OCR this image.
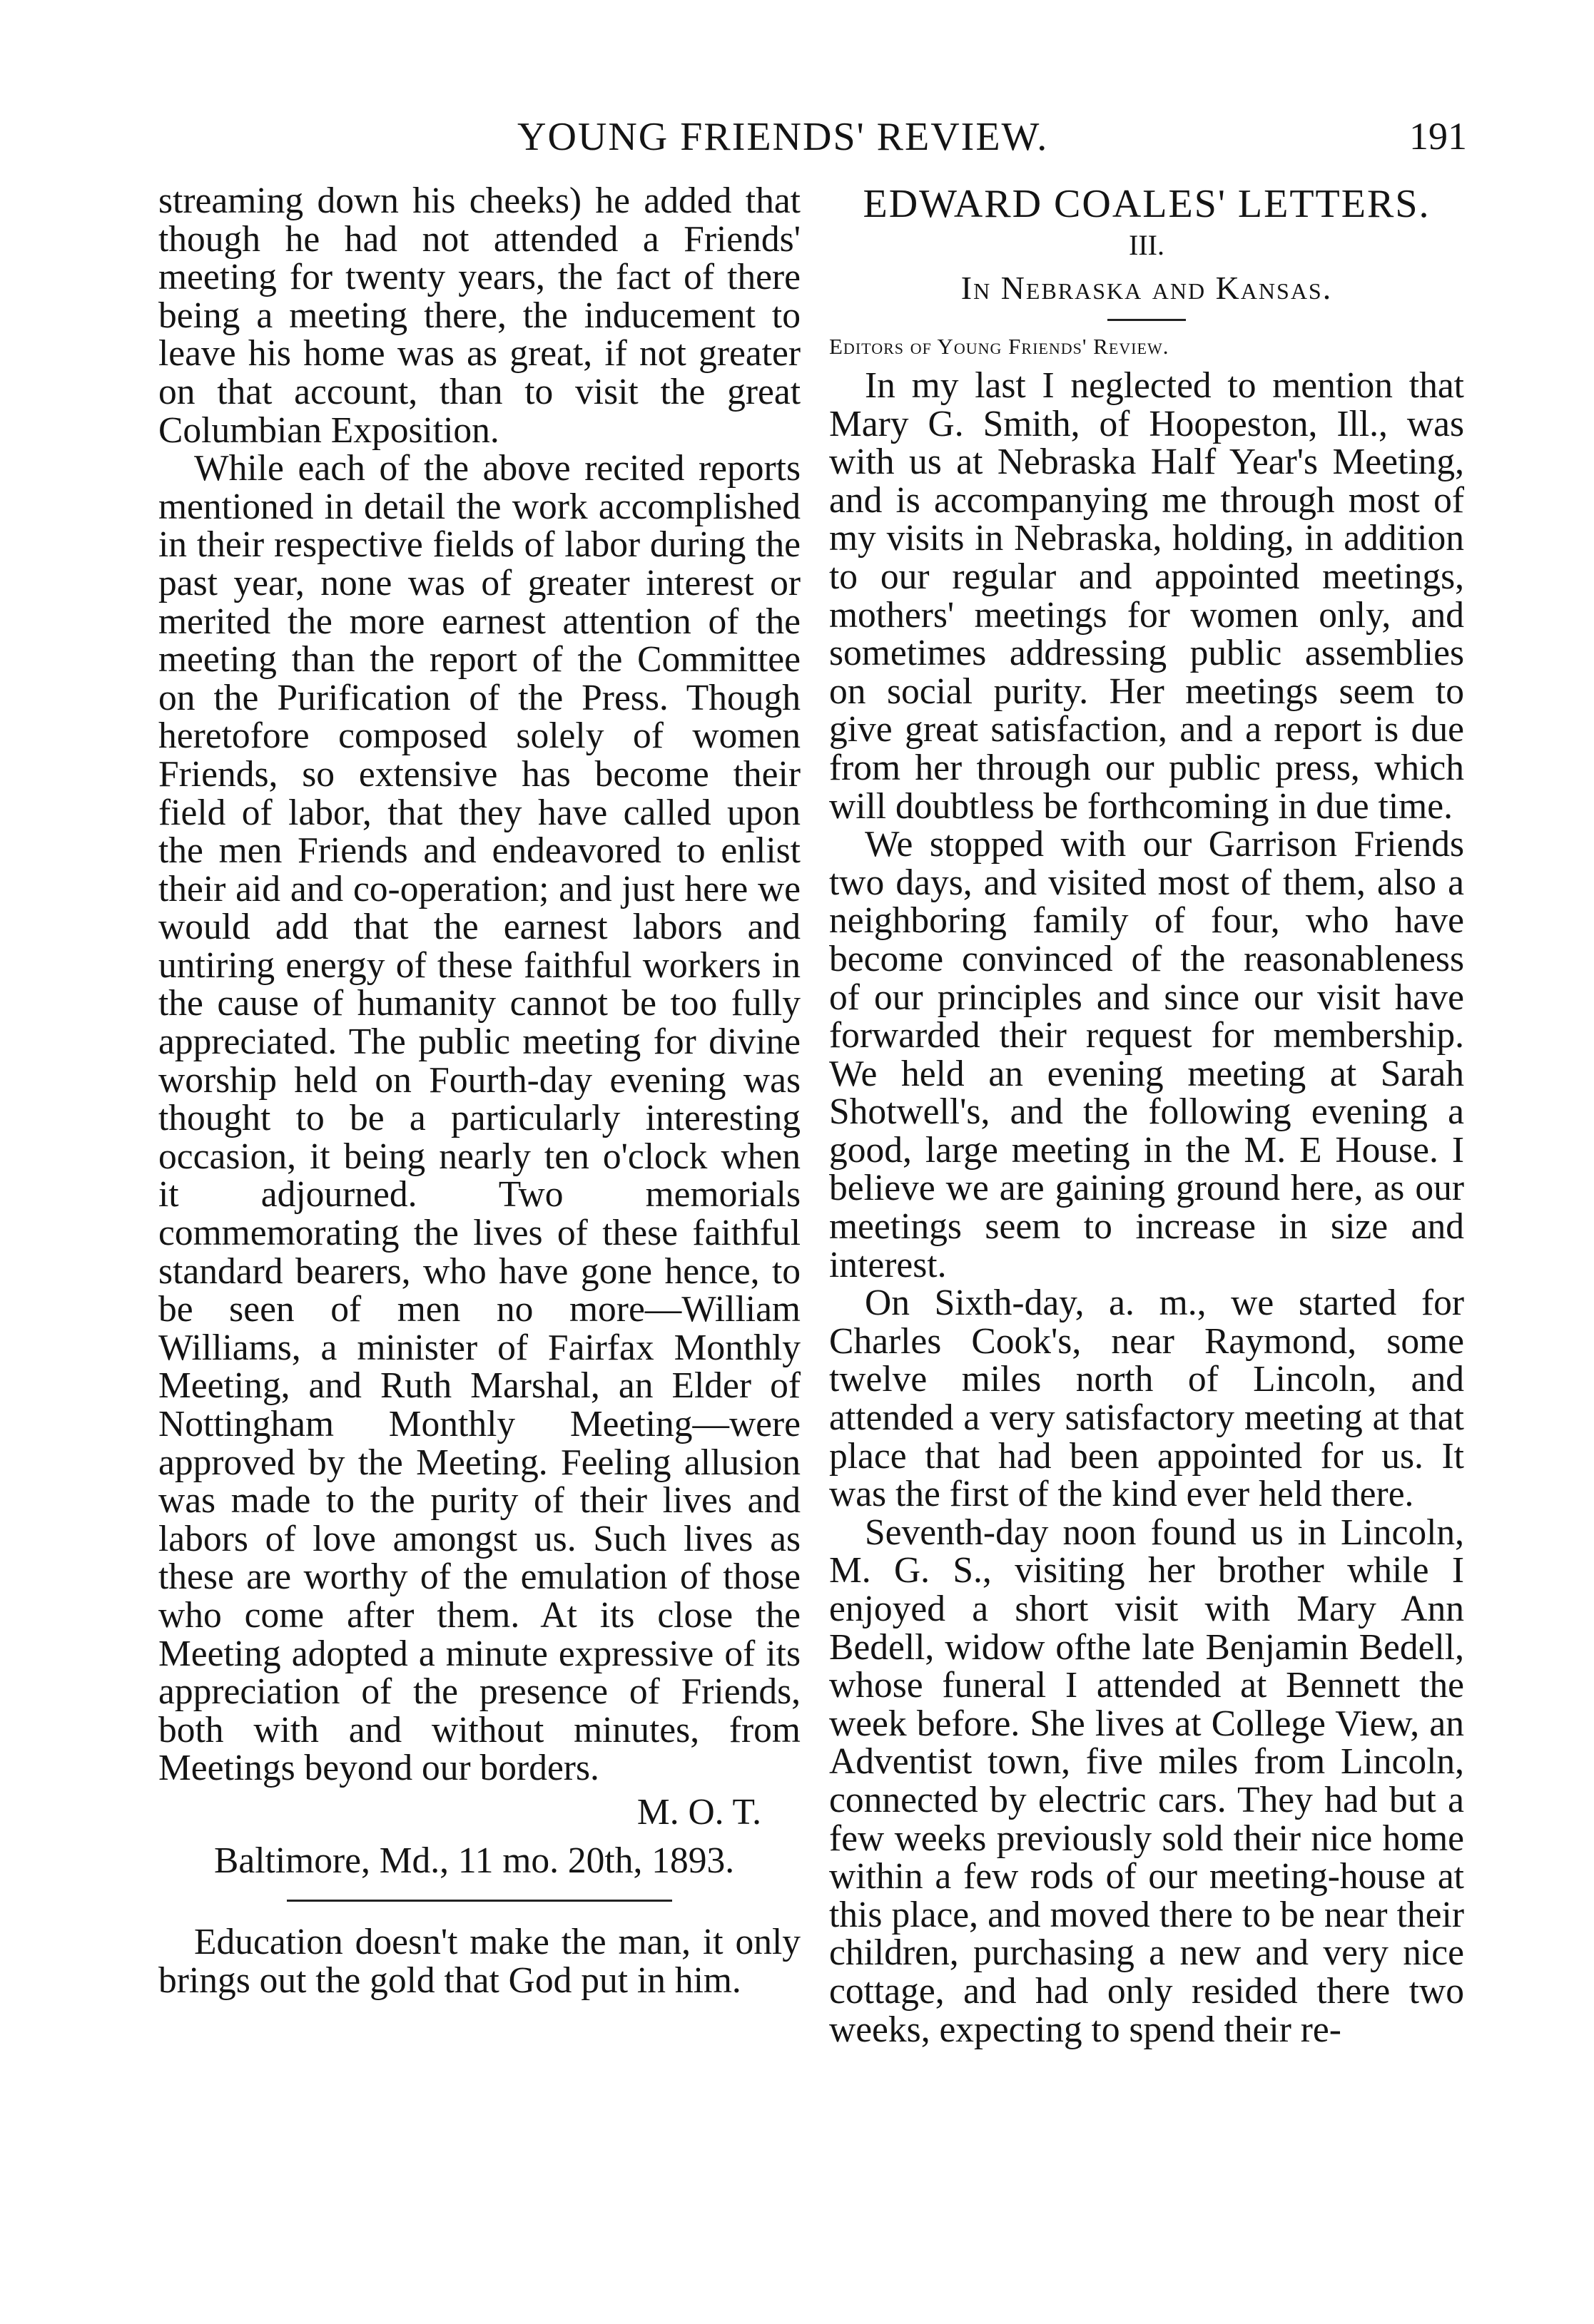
YOUNG FRIENDS' REVIEW.	191

streaming down his cheeks) he added that though he had not attended a Friends' meeting for twenty years, the fact of there being a meeting there, the inducement to leave his home was as great, if not greater on that account, than to visit the great Columbian Exposition.

While each of the above recited reports mentioned in detail the work accomplished in their respective fields of labor during the past year, none was of greater interest or merited the more earnest attention of the meeting than the report of the Committee on the Purification of the Press. Though heretofore composed solely of women Friends, so extensive has become their field of labor, that they have called upon the men Friends and endeavored to enlist their aid and co-operation; and just here we would add that the earnest labors and untiring energy of these faithful workers in the cause of humanity cannot be too fully appreciated. The public meeting for divine worship held on Fourth-day evening was thought to be a particularly interesting occasion, it being nearly ten o'clock when it adjourned. Two memorials commemorating the lives of these faithful standard bearers, who have gone hence, to be seen of men no more—William Williams, a minister of Fairfax Monthly Meeting, and Ruth Marshal, an Elder of Nottingham Monthly Meeting—were approved by the Meeting. Feeling allusion was made to the purity of their lives and labors of love amongst us. Such lives as these are worthy of the emulation of those who come after them. At its close the Meeting adopted a minute expressive of its appreciation of the presence of Friends, both with and without minutes, from Meetings beyond our borders.

M. O. T.

Baltimore, Md., 11 mo. 20th, 1893.

Education doesn't make the man, it only brings out the gold that God put in him.

EDWARD COALES' LETTERS.

III.

In Nebraska and Kansas.

Editors of Young Friends' Review.

In my last I neglected to mention that Mary G. Smith, of Hoopeston, Ill., was with us at Nebraska Half Year's Meeting, and is accompanying me through most of my visits in Nebraska, holding, in addition to our regular and appointed meetings, mothers' meetings for women only, and sometimes addressing public assemblies on social purity. Her meetings seem to give great satisfaction, and a report is due from her through our public press, which will doubtless be forthcoming in due time.

We stopped with our Garrison Friends two days, and visited most of them, also a neighboring family of four, who have become convinced of the reasonableness of our principles and since our visit have forwarded their request for membership. We held an evening meeting at Sarah Shotwell's, and the following evening a good, large meeting in the M. E House. I believe we are gaining ground here, as our meetings seem to increase in size and interest.

On Sixth-day, a. m., we started for Charles Cook's, near Raymond, some twelve miles north of Lincoln, and attended a very satisfactory meeting at that place that had been appointed for us. It was the first of the kind ever held there.

Seventh-day noon found us in Lincoln, M. G. S., visiting her brother while I enjoyed a short visit with Mary Ann Bedell, widow ofthe late Benjamin Bedell, whose funeral I attended at Bennett the week before. She lives at College View, an Adventist town, five miles from Lincoln, connected by electric cars. They had but a few weeks previously sold their nice home within a few rods of our meeting-house at this place, and moved there to be near their children, purchasing a new and very nice cottage, and had only resided there two weeks, expecting to spend their re-
